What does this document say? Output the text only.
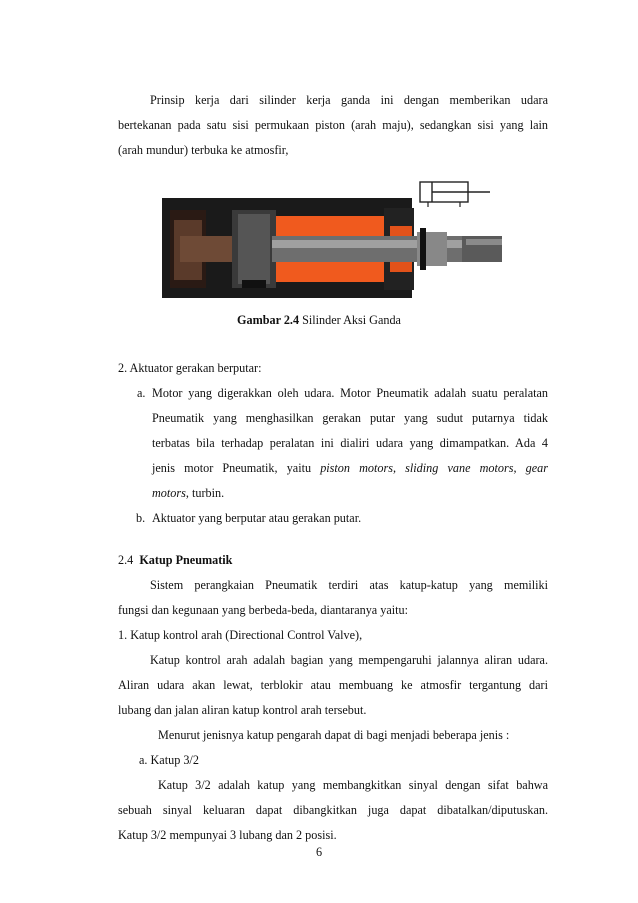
Prinsip kerja dari silinder kerja ganda ini dengan memberikan udara
bertekanan pada satu sisi permukaan piston (arah maju), sedangkan sisi yang lain
(arah mundur) terbuka ke atmosfir,
Gambar 2.4 Silinder Aksi Ganda
2. Aktuator gerakan berputar:
a. Motor yang digerakkan oleh udara. Motor Pneumatik adalah suatu peralatan
Pneumatik yang menghasilkan gerakan putar yang sudut putarnya tidak
terbatas bila terhadap peralatan ini dialiri udara yang dimampatkan. Ada 4
jenis motor Pneumatik, yaitu piston motors, sliding vane motors, gear
motors, turbin.
b. Aktuator yang berputar atau gerakan putar.
2.4 Katup Pneumatik
Sistem perangkaian Pneumatik terdiri atas katup-katup yang memiliki
fungsi dan kegunaan yang berbeda-beda, diantaranya yaitu:
1. Katup kontrol arah (Directional Control Valve),
Katup kontrol arah adalah bagian yang mempengaruhi jalannya aliran udara.
Aliran udara akan lewat, terblokir atau membuang ke atmosfir tergantung dari
lubang dan jalan aliran katup kontrol arah tersebut.
Menurut jenisnya katup pengarah dapat di bagi menjadi beberapa jenis :
a. Katup 3/2
Katup 3/2 adalah katup yang membangkitkan sinyal dengan sifat bahwa
sebuah sinyal keluaran dapat dibangkitkan juga dapat dibatalkan/diputuskan.
Katup 3/2 mempunyai 3 lubang dan 2 posisi.
6
